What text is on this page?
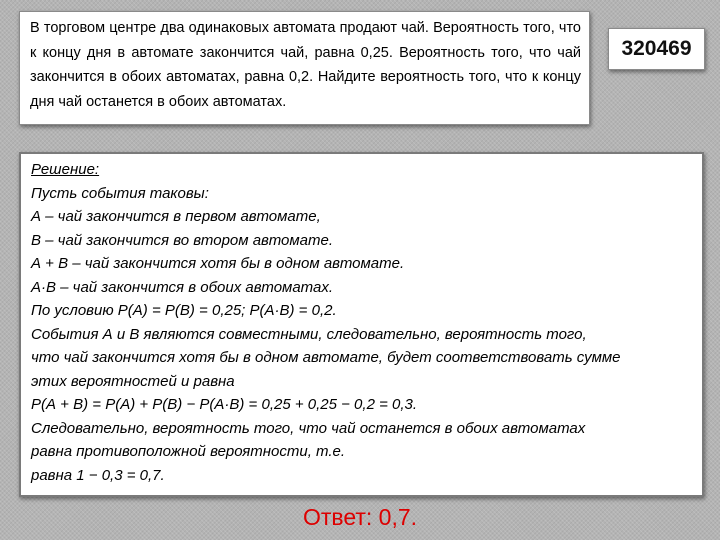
В торговом центре два одинаковых автомата продают чай. Вероятность того, что к концу дня в автомате закончится чай, равна 0,25. Вероятность того, что чай закончится в обоих автоматах, равна 0,2. Найдите вероятность того, что к концу дня чай останется в обоих автоматах.
320469
Решение:
Пусть события таковы:
А – чай закончится в первом автомате,
В – чай закончится во втором автомате.
А + В – чай закончится хотя бы в одном автомате.
А·В – чай закончится в обоих автоматах.
По условию Р(А) = Р(В) = 0,25; Р(А·В) = 0,2.
События А и В являются совместными, следовательно, вероятность того,
что чай закончится хотя бы в одном автомате, будет соответствовать сумме
этих вероятностей и равна
Р(А + В) = Р(А) + Р(В) − Р(А·В) = 0,25 + 0,25 − 0,2 = 0,3.
Следовательно, вероятность того, что чай останется в обоих автоматах
равна противоположной вероятности, т.е.
равна 1 − 0,3 = 0,7.
Ответ: 0,7.
